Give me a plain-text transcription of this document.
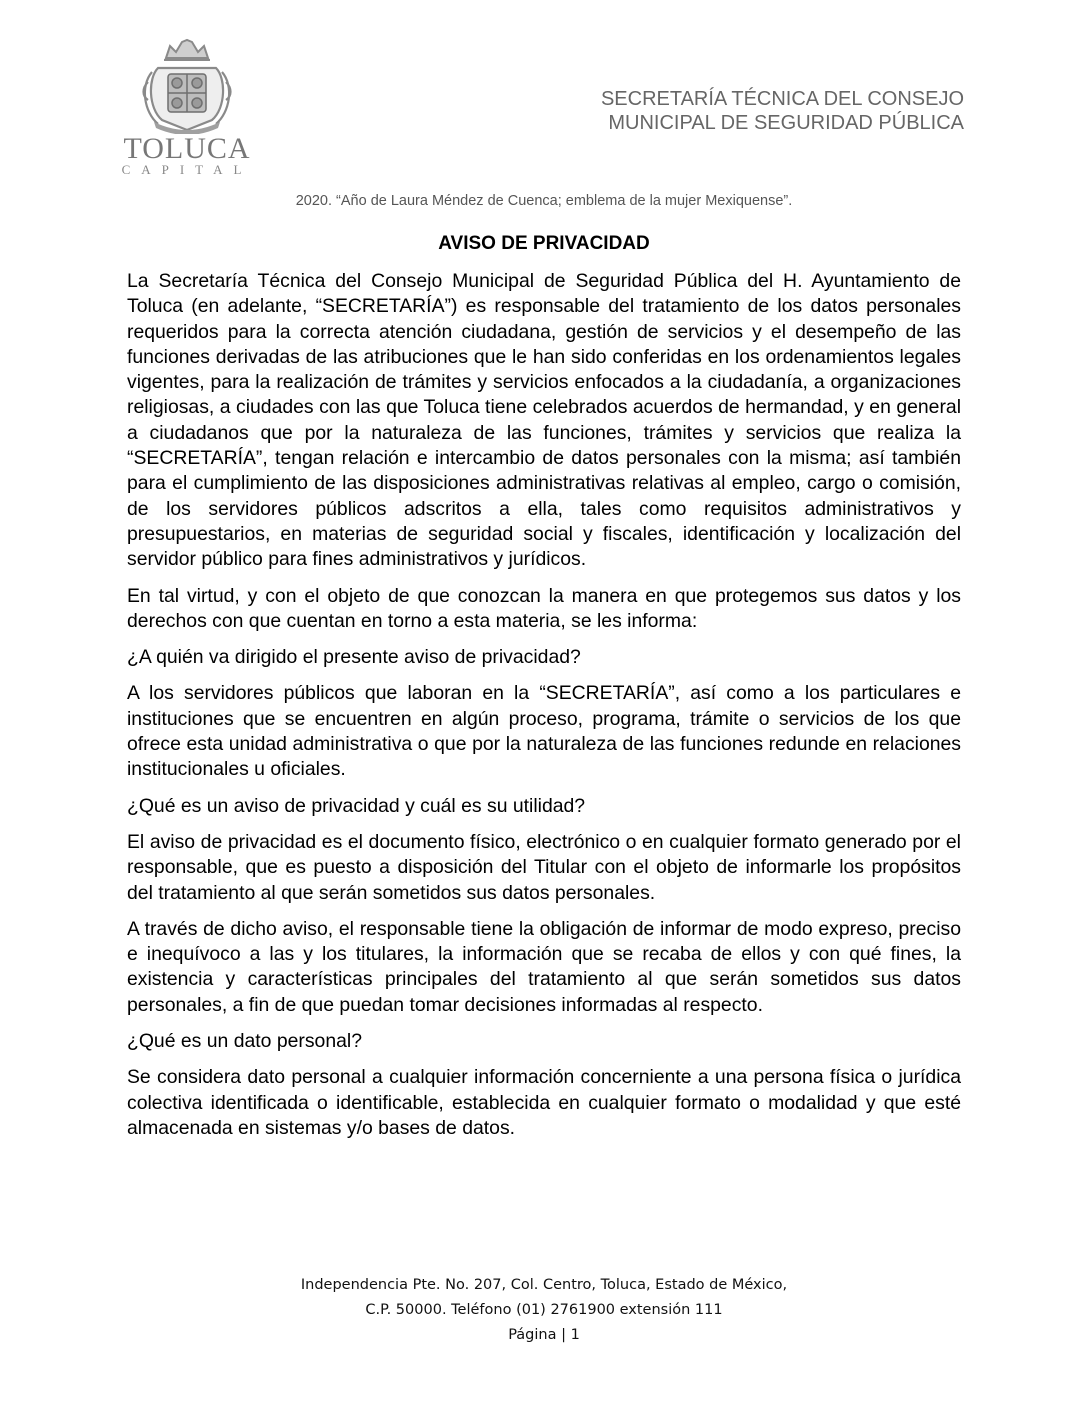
TOLUCA
CAPITAL
SECRETARÍA TÉCNICA DEL CONSEJO
MUNICIPAL DE SEGURIDAD PÚBLICA
2020. “Año de Laura Méndez de Cuenca; emblema de la mujer Mexiquense”.
AVISO DE PRIVACIDAD

La Secretaría Técnica del Consejo Municipal de Seguridad Pública del H. Ayuntamiento de Toluca (en adelante, “SECRETARÍA”) es responsable del tratamiento de los datos personales requeridos para la correcta atención ciudadana, gestión de servicios y el desempeño de las funciones derivadas de las atribuciones que le han sido conferidas en los ordenamientos legales vigentes, para la realización de trámites y servicios enfocados a la ciudadanía, a organizaciones religiosas, a ciudades con las que Toluca tiene celebrados acuerdos de hermandad, y en general a ciudadanos que por la naturaleza de las funciones, trámites y servicios que realiza la “SECRETARÍA”, tengan relación e intercambio de datos personales con la misma; así también para el cumplimiento de las disposiciones administrativas relativas al empleo, cargo o comisión, de los servidores públicos adscritos a ella, tales como requisitos administrativos y presupuestarios, en materias de seguridad social y fiscales, identificación y localización del servidor público para fines administrativos y jurídicos.

En tal virtud, y con el objeto de que conozcan la manera en que protegemos sus datos y los derechos con que cuentan en torno a esta materia, se les informa:

¿A quién va dirigido el presente aviso de privacidad?

A los servidores públicos que laboran en la “SECRETARÍA”, así como a los particulares e instituciones que se encuentren en algún proceso, programa, trámite o servicios de los que ofrece esta unidad administrativa o que por la naturaleza de las funciones redunde en relaciones institucionales u oficiales.

¿Qué es un aviso de privacidad y cuál es su utilidad?

El aviso de privacidad es el documento físico, electrónico o en cualquier formato generado por el responsable, que es puesto a disposición del Titular con el objeto de informarle los propósitos del tratamiento al que serán sometidos sus datos personales.

A través de dicho aviso, el responsable tiene la obligación de informar de modo expreso, preciso e inequívoco a las y los titulares, la información que se recaba de ellos y con qué fines, la existencia y características principales del tratamiento al que serán sometidos sus datos personales, a fin de que puedan tomar decisiones informadas al respecto.

¿Qué es un dato personal?

Se considera dato personal a cualquier información concerniente a una persona física o jurídica colectiva identificada o identificable, establecida en cualquier formato o modalidad y que esté almacenada en sistemas y/o bases de datos.

Independencia Pte. No. 207, Col. Centro, Toluca, Estado de México,
C.P. 50000. Teléfono (01) 2761900 extensión 111
Página | 1
